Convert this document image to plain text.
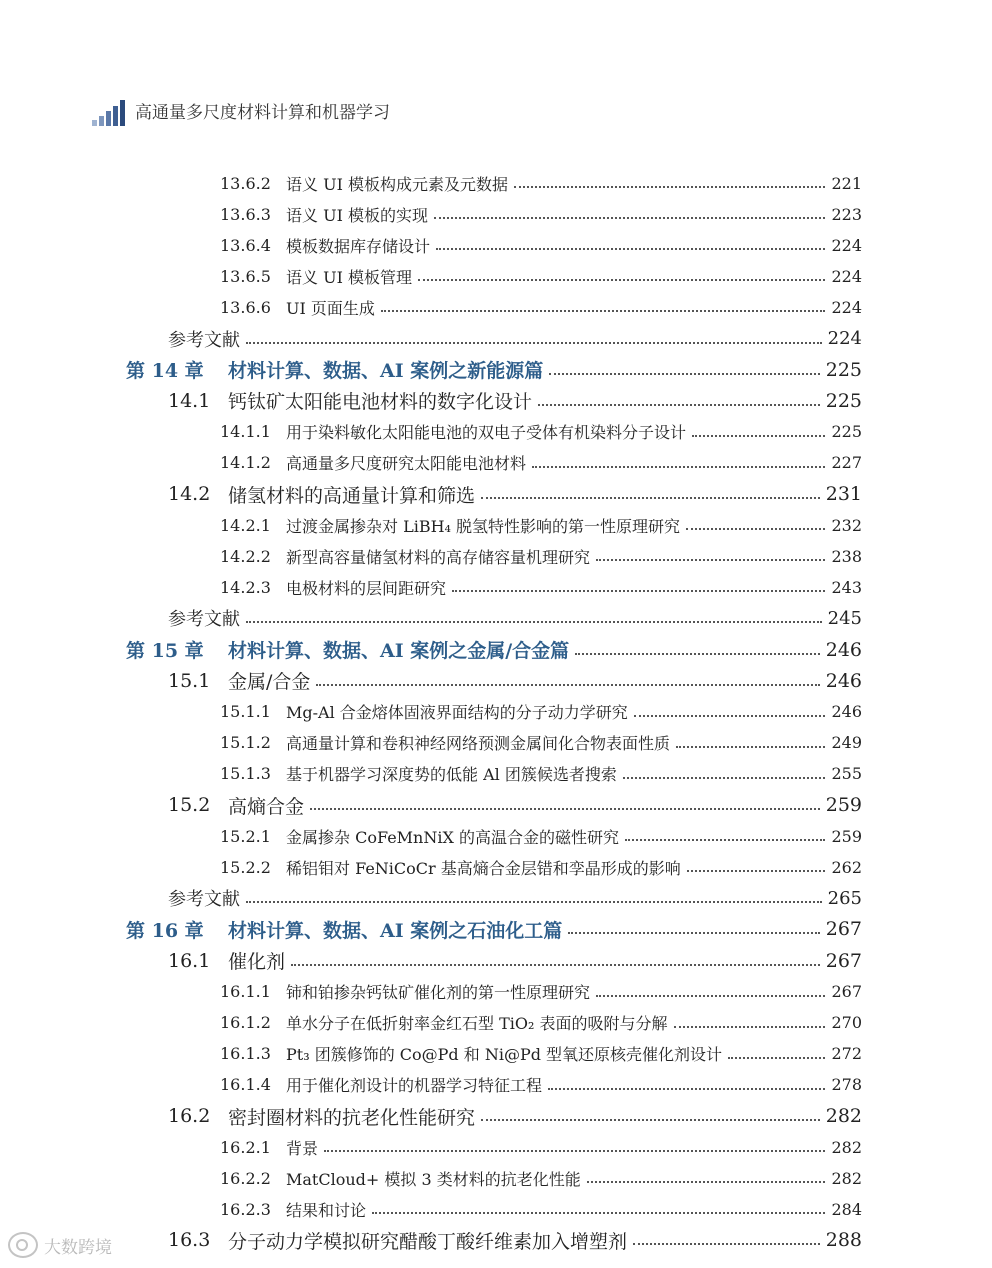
高通量多尺度材料计算和机器学习
13.6.2 语义 UI 模板构成元素及元数据	221
13.6.3 语义 UI 模板的实现	223
13.6.4 模板数据库存储设计	224
13.6.5 语义 UI 模板管理	224
13.6.6 UI 页面生成	224
参考文献	224
第 14 章	材料计算、数据、AI 案例之新能源篇	225
14.1 钙钛矿太阳能电池材料的数字化设计	225
14.1.1 用于染料敏化太阳能电池的双电子受体有机染料分子设计	225
14.1.2 高通量多尺度研究太阳能电池材料	227
14.2 储氢材料的高通量计算和筛选	231
14.2.1 过渡金属掺杂对 LiBH₄ 脱氢特性影响的第一性原理研究	232
14.2.2 新型高容量储氢材料的高存储容量机理研究	238
14.2.3 电极材料的层间距研究	243
参考文献	245
第 15 章	材料计算、数据、AI 案例之金属/合金篇	246
15.1 金属/合金	246
15.1.1 Mg-Al 合金熔体固液界面结构的分子动力学研究	246
15.1.2 高通量计算和卷积神经网络预测金属间化合物表面性质	249
15.1.3 基于机器学习深度势的低能 Al 团簇候选者搜索	255
15.2 高熵合金	259
15.2.1 金属掺杂 CoFeMnNiX 的高温合金的磁性研究	259
15.2.2 稀铝钼对 FeNiCoCr 基高熵合金层错和孪晶形成的影响	262
参考文献	265
第 16 章	材料计算、数据、AI 案例之石油化工篇	267
16.1 催化剂	267
16.1.1 铈和铂掺杂钙钛矿催化剂的第一性原理研究	267
16.1.2 单水分子在低折射率金红石型 TiO₂ 表面的吸附与分解	270
16.1.3 Pt₃ 团簇修饰的 Co@Pd 和 Ni@Pd 型氧还原核壳催化剂设计	272
16.1.4 用于催化剂设计的机器学习特征工程	278
16.2 密封圈材料的抗老化性能研究	282
16.2.1 背景	282
16.2.2 MatCloud+ 模拟 3 类材料的抗老化性能	282
16.2.3 结果和讨论	284
16.3 分子动力学模拟研究醋酸丁酸纤维素加入增塑剂	288
大数跨境
